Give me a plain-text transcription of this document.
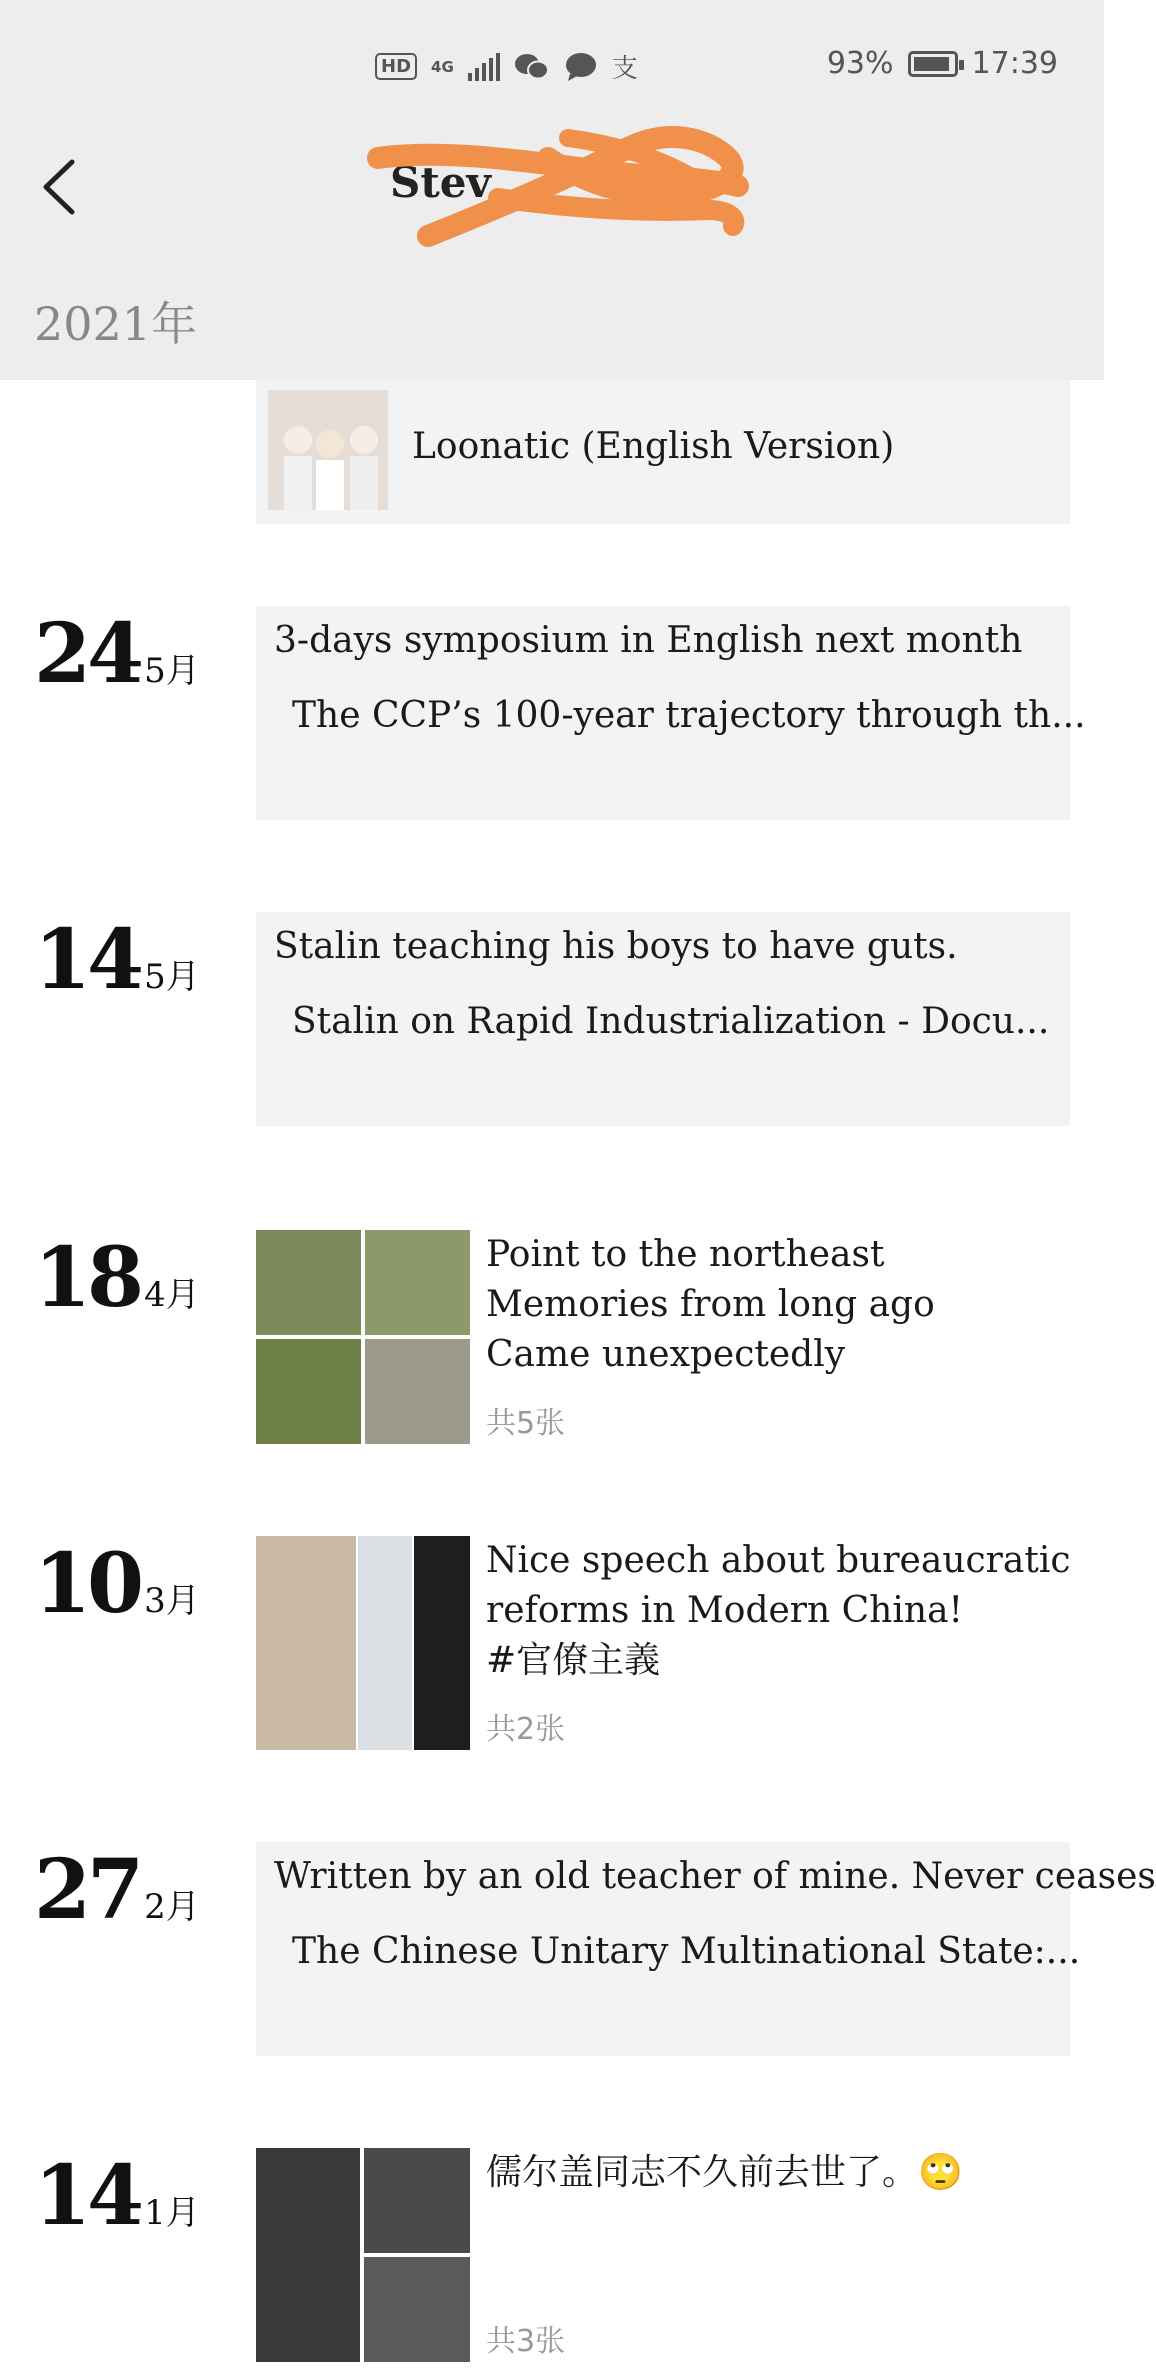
HD	4G	支	93%	17:39
Stev
2021年
Loonatic (English Version)
24 5月
3-days symposium in English next month
The CCP’s 100-year trajectory through th...
14 5月
Stalin teaching his boys to have guts.
Stalin on Rapid Industrialization - Docu...
18 4月
Point to the northeast
Memories from long ago
Came unexpectedly
共5张
10 3月
Nice speech about bureaucratic
reforms in Modern China!
#官僚主義
共2张
27 2月
Written by an old teacher of mine. Never ceases
The Chinese Unitary Multinational State:...
14 1月
儒尔盖同志不久前去世了。🙄
共3张
